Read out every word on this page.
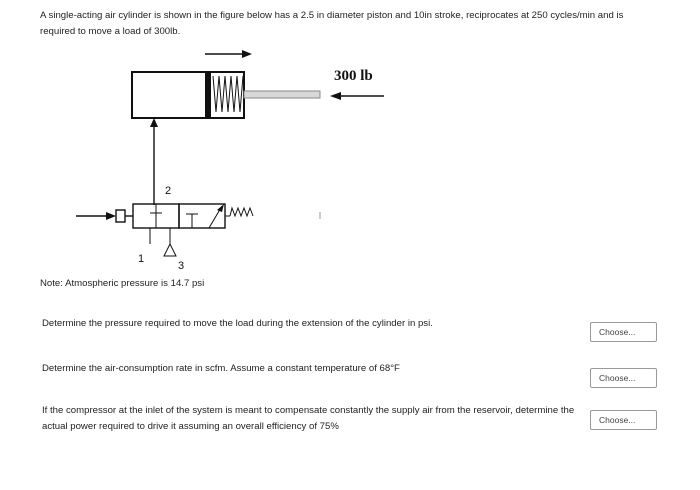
A single-acting air cylinder is shown in the figure below has a 2.5 in diameter piston and 10in stroke, reciprocates at 250 cycles/min and is required to move a load of 300lb.
300 lb
2
1
3
Note: Atmospheric pressure is 14.7 psi
Determine the pressure required to move the load during the extension of the cylinder in psi.
Choose...
Determine the air-consumption rate in scfm. Assume a constant temperature of 68°F
Choose...
If the compressor at the inlet of the system is meant to compensate constantly the supply air from the reservoir, determine the actual power required to drive it assuming an overall efficiency of 75%
Choose...
